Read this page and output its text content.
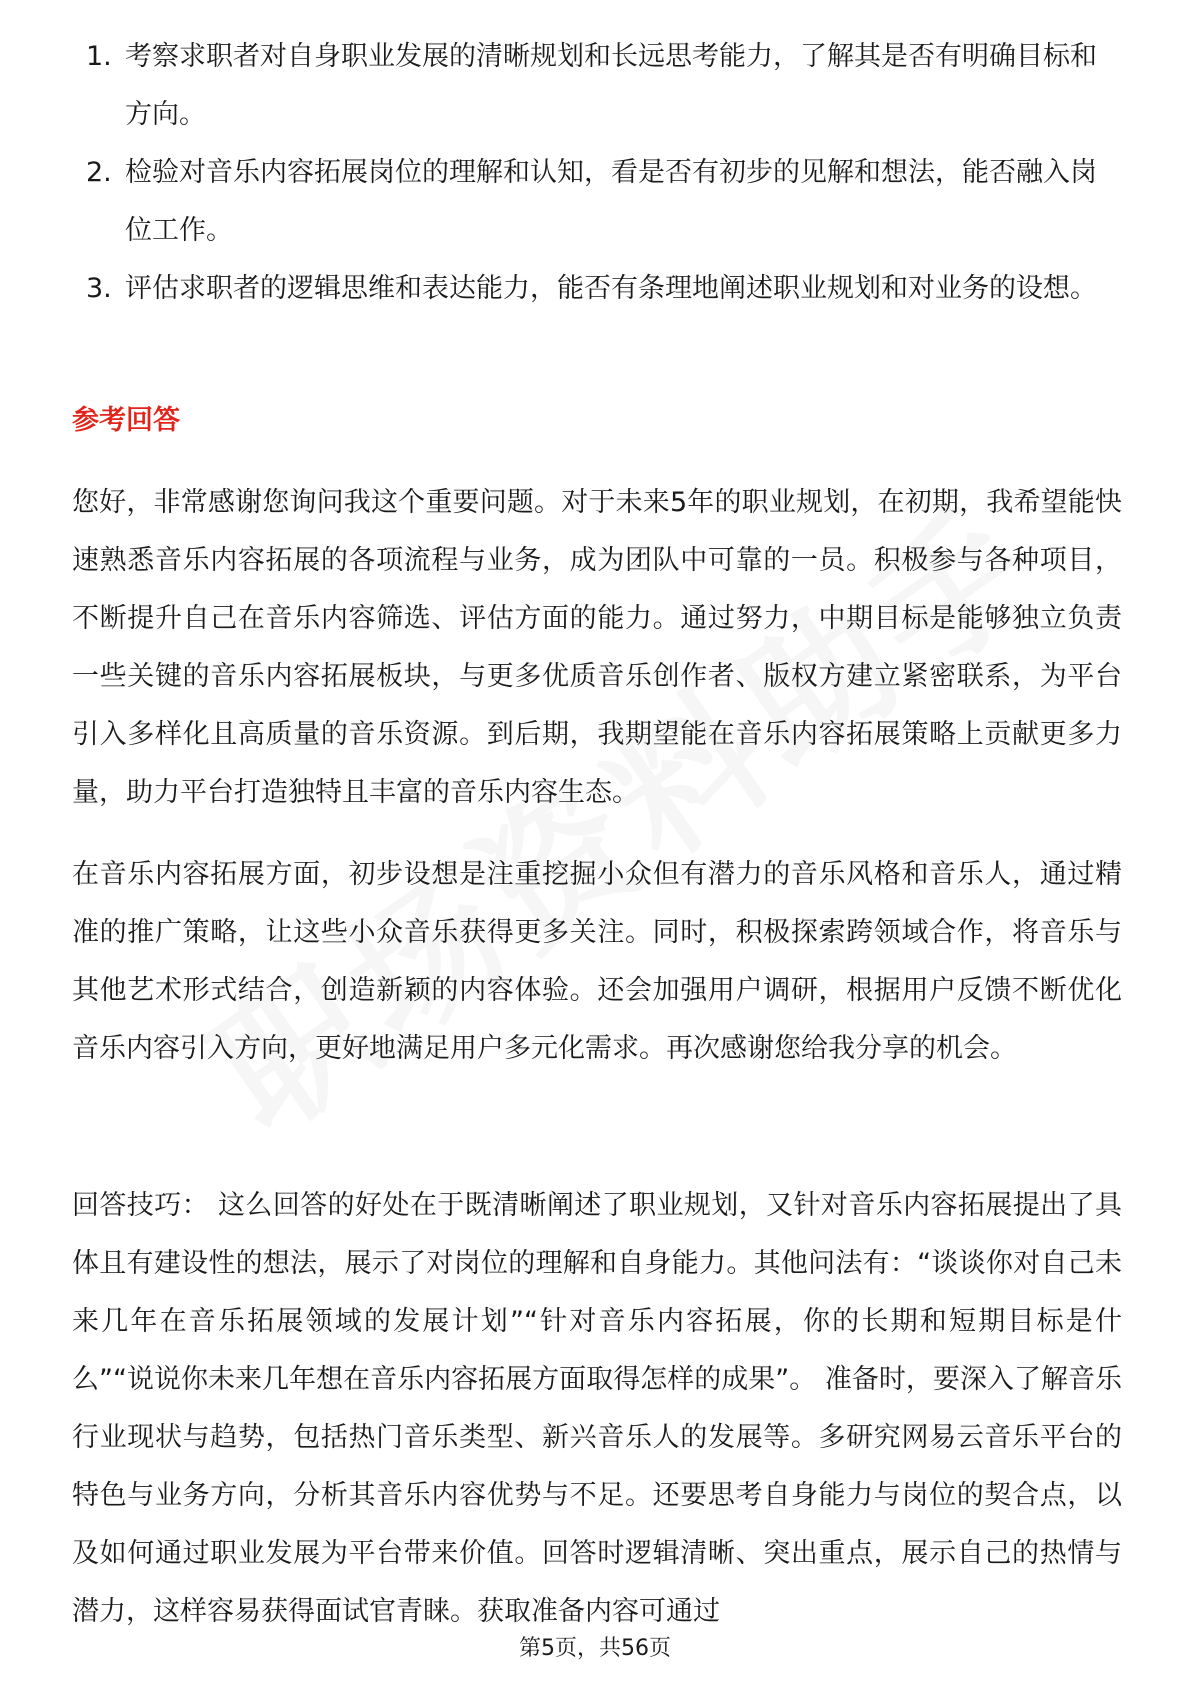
1. 考察求职者对自身职业发展的清晰规划和长远思考能力，了解其是否有明确目标和方向。
2. 检验对音乐内容拓展岗位的理解和认知，看是否有初步的见解和想法，能否融入岗位工作。
3. 评估求职者的逻辑思维和表达能力，能否有条理地阐述职业规划和对业务的设想。
参考回答

您好，非常感谢您询问我这个重要问题。对于未来5年的职业规划，在初期，我希望能快速熟悉音乐内容拓展的各项流程与业务，成为团队中可靠的一员。积极参与各种项目，不断提升自己在音乐内容筛选、评估方面的能力。通过努力，中期目标是能够独立负责一些关键的音乐内容拓展板块，与更多优质音乐创作者、版权方建立紧密联系，为平台引入多样化且高质量的音乐资源。到后期，我期望能在音乐内容拓展策略上贡献更多力量，助力平台打造独特且丰富的音乐内容生态。

在音乐内容拓展方面，初步设想是注重挖掘小众但有潜力的音乐风格和音乐人，通过精准的推广策略，让这些小众音乐获得更多关注。同时，积极探索跨领域合作，将音乐与其他艺术形式结合，创造新颖的内容体验。还会加强用户调研，根据用户反馈不断优化音乐内容引入方向，更好地满足用户多元化需求。再次感谢您给我分享的机会。

回答技巧： 这么回答的好处在于既清晰阐述了职业规划，又针对音乐内容拓展提出了具体且有建设性的想法，展示了对岗位的理解和自身能力。其他问法有：“谈谈你对自己未来几年在音乐拓展领域的发展计划”“针对音乐内容拓展，你的长期和短期目标是什么”“说说你未来几年想在音乐内容拓展方面取得怎样的成果”。 准备时，要深入了解音乐行业现状与趋势，包括热门音乐类型、新兴音乐人的发展等。多研究网易云音乐平台的特色与业务方向，分析其音乐内容优势与不足。还要思考自身能力与岗位的契合点，以及如何通过职业发展为平台带来价值。回答时逻辑清晰、突出重点，展示自己的热情与潜力，这样容易获得面试官青睐。获取准备内容可通过

第5页，共56页
